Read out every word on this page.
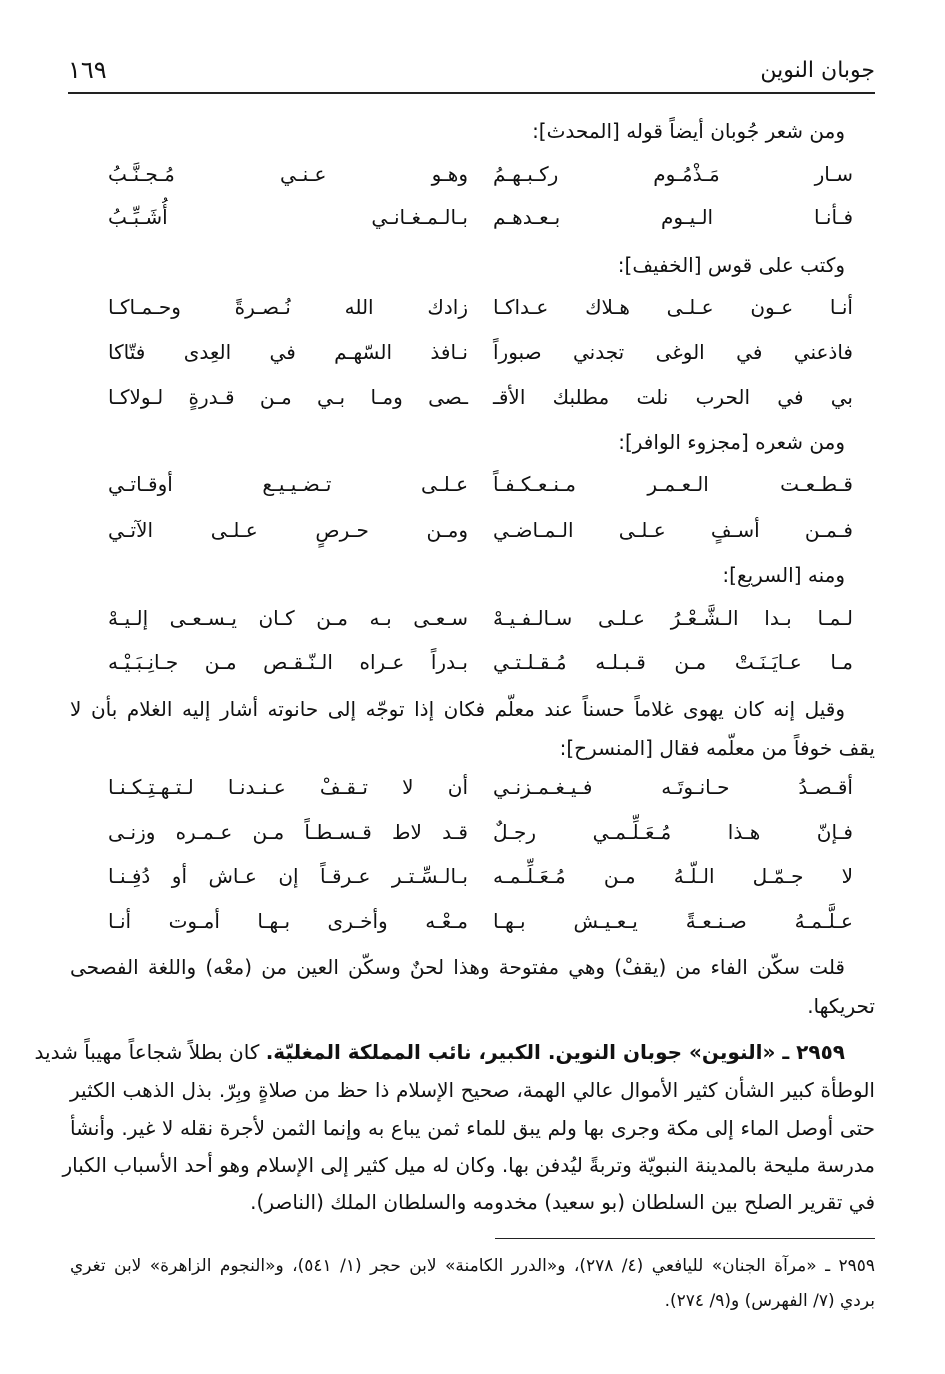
جوبان النوين
١٦٩
ومن شعر جُوبان أيضاً قوله [المحدث]:
سـار مَـذْمُـوم ركـبـهـمُ
وهـو عـنـي مُـجـنَّـبُ
فـأنـا الـيـوم بـعـدهـم
بـالـمـغـانـي أُشَـبِّـبُ
وكتب على قوس [الخفيف]:
أنـا عـون عـلـى هـلاك عـداكـا
زادك الله نُـصـرةً وحـمـاكـا
فاذعني في الوغى تجدني صبوراً
نـافذ السّهـم في العِدى فتّاكا
بي في الحرب نلت مطلبك الأقـ
ـصى ومـا بـي مـن قـدرةٍ لـولاكـا
ومن شعره [مجزوء الوافر]:
قـطـعـت الـعـمـر مـنـعـكـفـاً
عـلـى تـضـيـيـع أوقـاتـي
فـمـن أسـفٍ عـلـى الـمـاضـي
ومـن حـرصٍ عـلـى الآتـي
ومنه [السريع]:
لـمـا بـدا الـشَّـعْـرُ عـلـى سـالـفـيـهْ
سـعـى بـه مـن كـان يـسـعـى إلـيـهْ
مـا عـايَـنَـتْ مـن قـبـلـه مُـقـلـتـي
بـدراً عـراه الـنّـقـص مـن جـانِـبَـيْـه
وقيل إنه كان يهوى غلاماً حسناً عند معلّم فكان إذا توجّه إلى حانوته أشار إليه الغلام بأن لا
يقف خوفاً من معلّمه فقال [المنسرح]:
أقـصـدُ حـانـوتَـه فـيـغـمـزنـي
أن لا تـقـفْ عـنـدنـا لـتـهـتِـكـنـا
فـإنّ هـذا مُـعَـلِّـمـي رجـلٌ
قـد لاط قـسـطـاً مـن عـمـره وزنـى
لا جـمّـل الـلّـهُ مـن مُـعَـلِّـمـه
بـالـسِّـتـر عـرقـاً إن عـاش أو دُفِـنـا
عـلَّـمـهُ صـنـعـةً يـعـيـش بـهـا
مـعْـه وأخـرى بـهـا أمـوت أنـا
قلت سكّن الفاء من (يقفْ) وهي مفتوحة وهذا لحنٌ وسكّن العين من (معْه) واللغة الفصحى
تحريكها.
٢٩٥٩ ـ «النوين» جوبان النوين. الكبير، نائب المملكة المغليّة. كان بطلاً شجاعاً مهيباً شديد
الوطأة كبير الشأن كثير الأموال عالي الهمة، صحيح الإسلام ذا حظ من صلاةٍ وبِرّ. بذل الذهب الكثير
حتى أوصل الماء إلى مكة وجرى بها ولم يبق للماء ثمن يباع به وإنما الثمن لأجرة نقله لا غير. وأنشأ
مدرسة مليحة بالمدينة النبويّة وتربةً ليُدفن بها. وكان له ميل كثير إلى الإسلام وهو أحد الأسباب الكبار
في تقرير الصلح بين السلطان (بو سعيد) مخدومه والسلطان الملك (الناصر).
٢٩٥٩ ـ «مرآة الجنان» لليافعي (٤/ ٢٧٨)، و«الدرر الكامنة» لابن حجر (١/ ٥٤١)، و«النجوم الزاهرة» لابن تغري
بردي (٧/ الفهرس) و(٩/ ٢٧٤).
